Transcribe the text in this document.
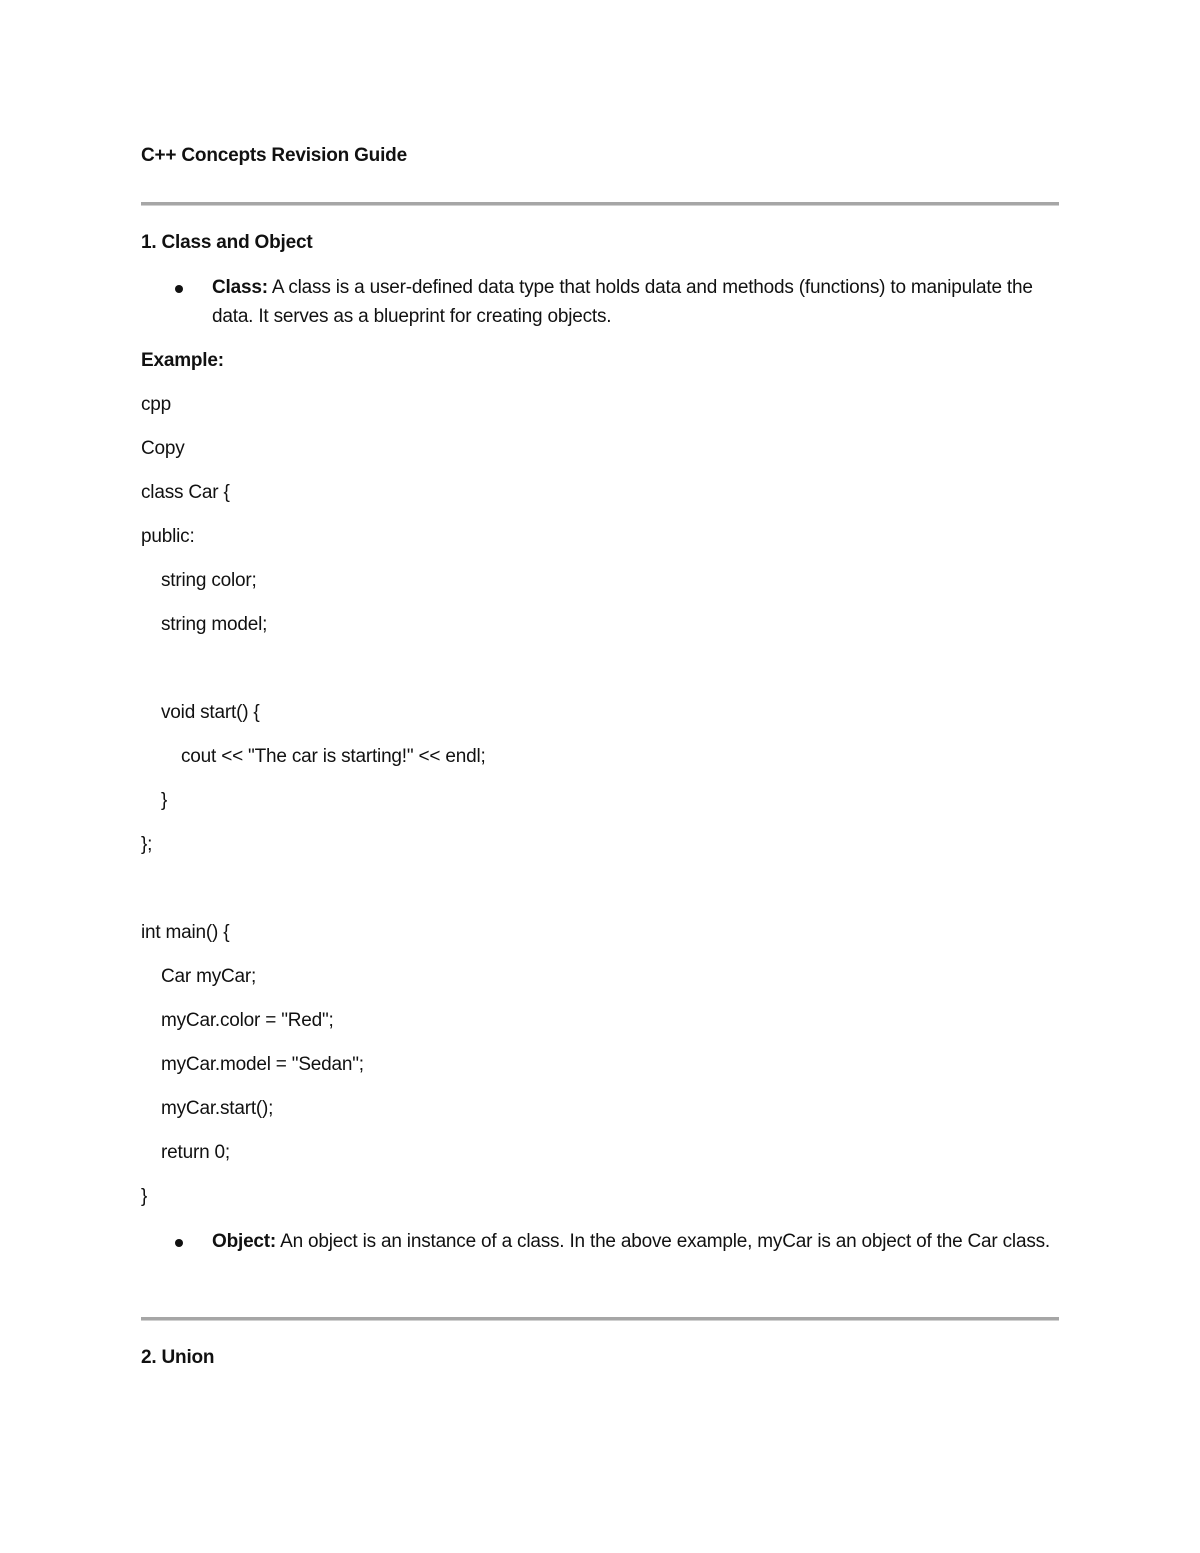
C++ Concepts Revision Guide
1. Class and Object
Class: A class is a user-defined data type that holds data and methods (functions) to manipulate the data. It serves as a blueprint for creating objects.
Example:
cpp
Copy
class Car {
public:
string color;
string model;
void start() {
cout << "The car is starting!" << endl;
}
};
int main() {
Car myCar;
myCar.color = "Red";
myCar.model = "Sedan";
myCar.start();
return 0;
}
Object: An object is an instance of a class. In the above example, myCar is an object of the Car class.
2. Union
